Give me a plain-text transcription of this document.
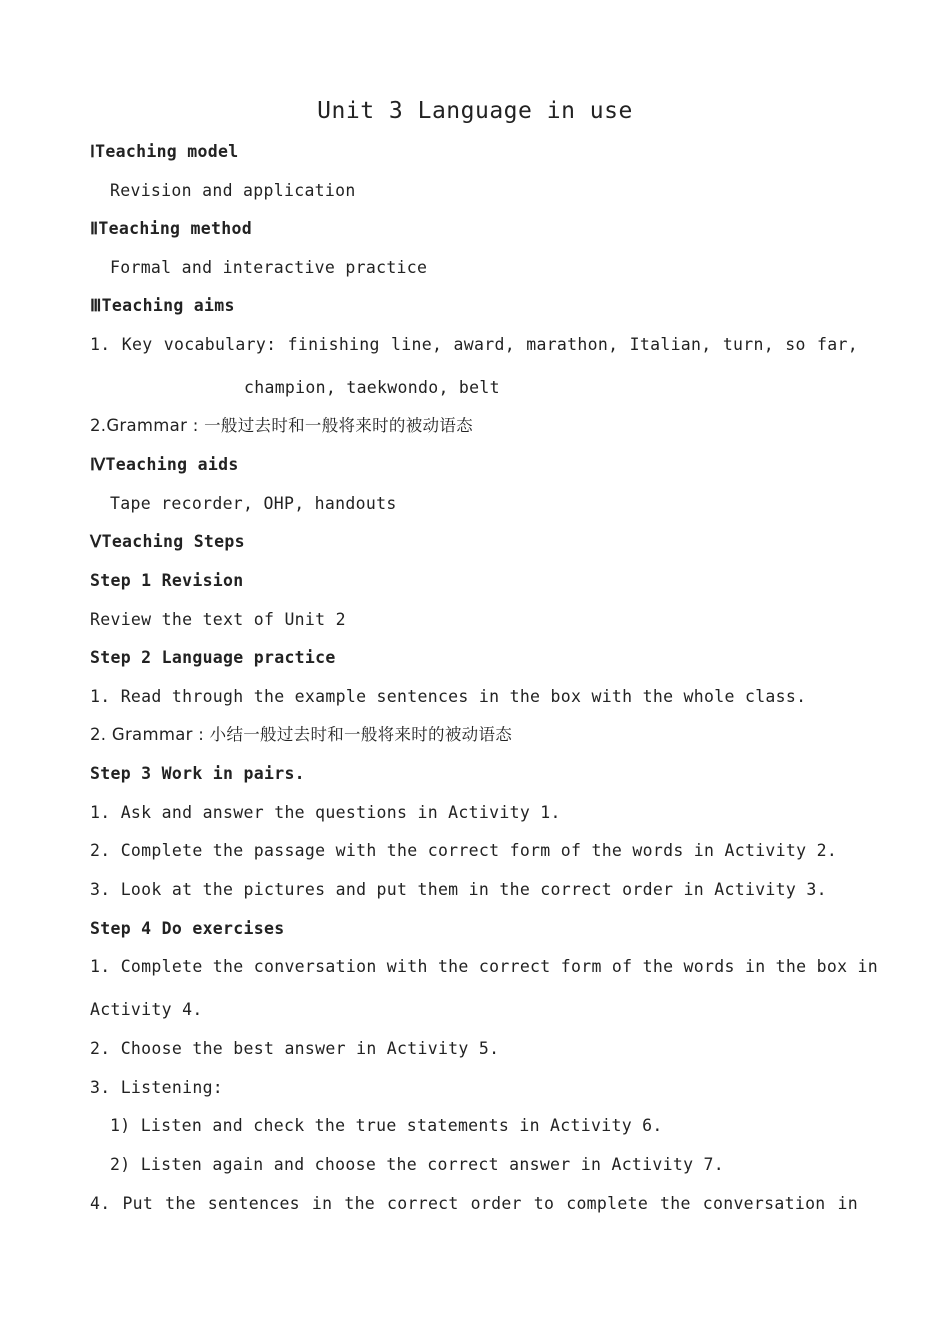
Unit 3 Language in use
ⅠTeaching model
Revision and application
ⅡTeaching method
Formal and interactive practice
ⅢTeaching aims
1. Key vocabulary: finishing line, award, marathon, Italian, turn, so far,
champion, taekwondo, belt
2.Grammar : 一般过去时和一般将来时的被动语态
ⅣTeaching aids
Tape recorder, OHP, handouts
ⅤTeaching Steps
Step 1 Revision
Review the text of Unit 2
Step 2 Language practice
1. Read through the example sentences in the box with the whole class.
2. Grammar : 小结一般过去时和一般将来时的被动语态
Step 3 Work in pairs.
1. Ask and answer the questions in Activity 1.
2. Complete the passage with the correct form of the words in Activity 2.
3. Look at the pictures and put them in the correct order in Activity 3.
Step 4 Do exercises
1. Complete the conversation with the correct form of the words in the box in
Activity 4.
2. Choose the best answer in Activity 5.
3. Listening:
1) Listen and check the true statements in Activity 6.
2) Listen again and choose the correct answer in Activity 7.
4. Put the sentences in the correct order to complete the conversation in
